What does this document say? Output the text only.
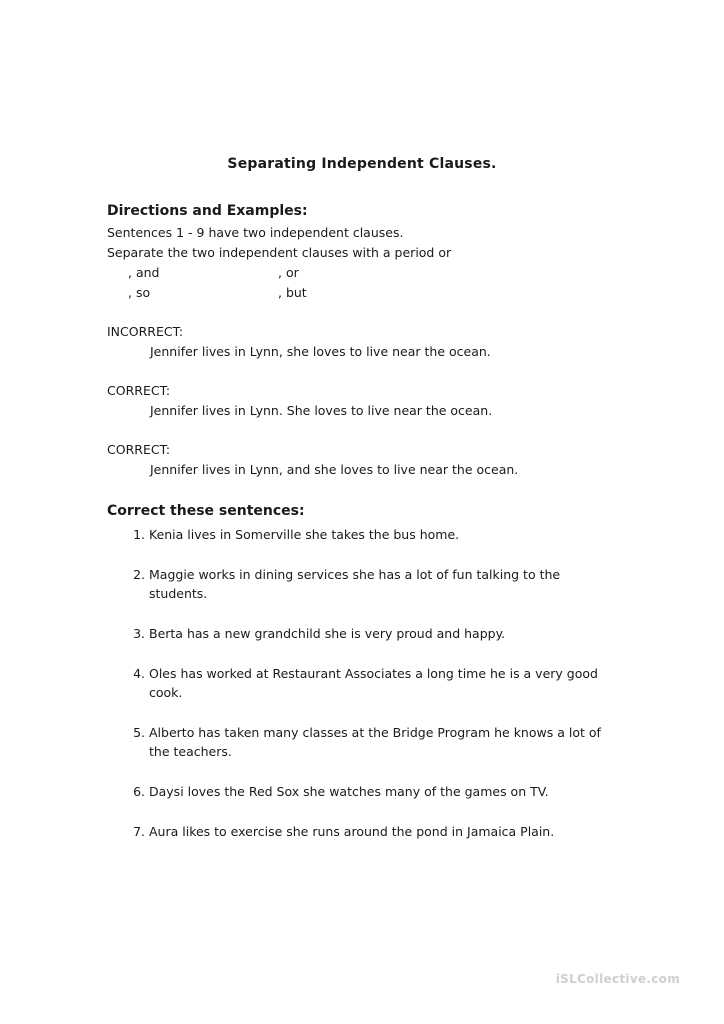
Separating Independent Clauses.
Directions and Examples:
Sentences 1 - 9 have two independent clauses.
Separate the two independent clauses with a period or
, and	, or
, so	, but
INCORRECT:
Jennifer lives in Lynn, she loves to live near the ocean.
CORRECT:
Jennifer lives in Lynn. She loves to live near the ocean.
CORRECT:
Jennifer lives in Lynn, and she loves to live near the ocean.
Correct these sentences:
1. Kenia lives in Somerville she takes the bus home.
2. Maggie works in dining services she has a lot of fun talking to the students.
3. Berta has a new grandchild she is very proud and happy.
4. Oles has worked at Restaurant Associates a long time he is a very good cook.
5. Alberto has taken many classes at the Bridge Program he knows a lot of the teachers.
6. Daysi loves the Red Sox she watches many of the games on TV.
7. Aura likes to exercise she runs around the pond in Jamaica Plain.
iSLCollective.com
